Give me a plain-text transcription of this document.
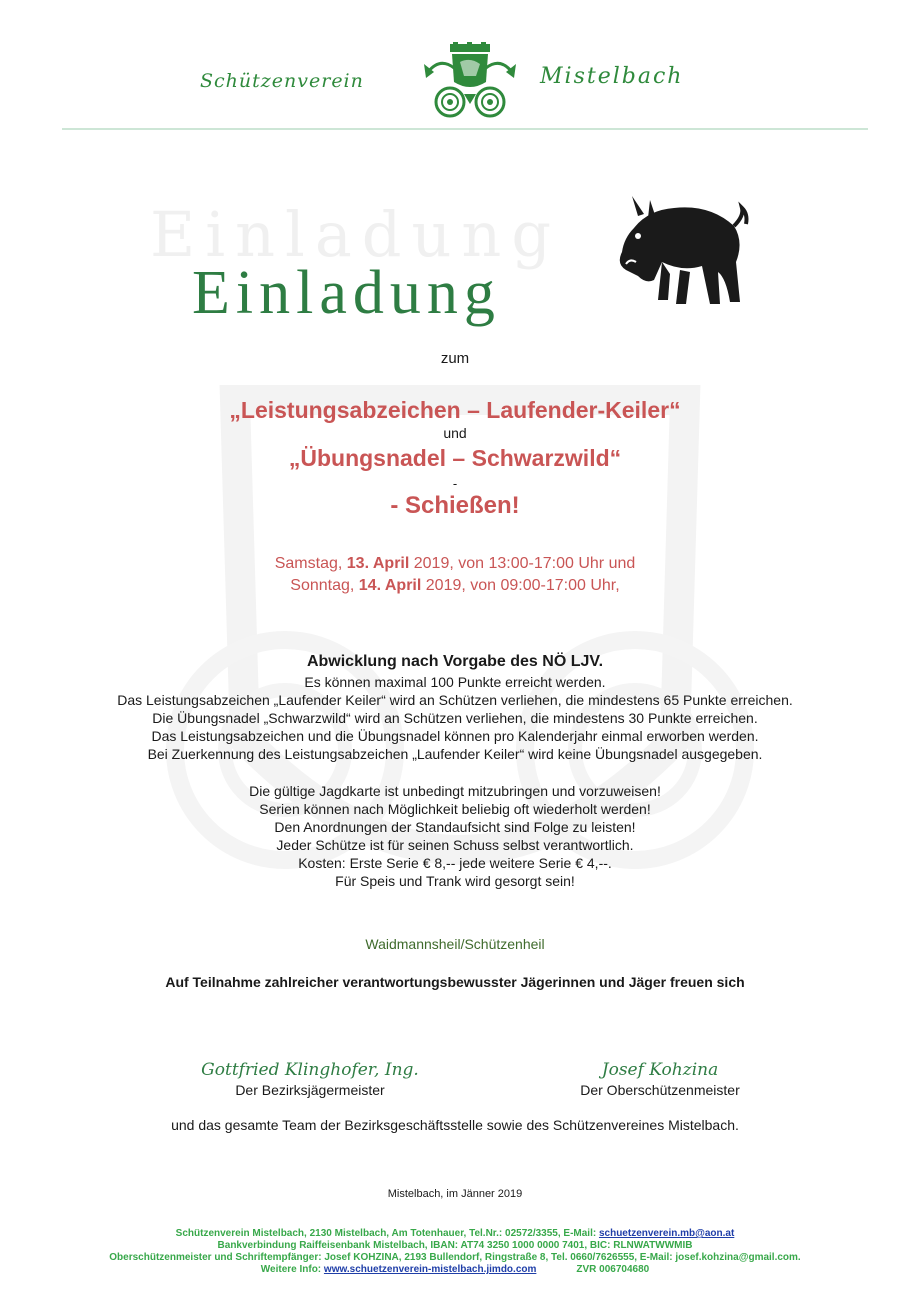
Schützenverein	Mistelbach
Einladung
Einladung
zum
„Leistungsabzeichen – Laufender-Keiler“
und
„Übungsnadel – Schwarzwild“
-
- Schießen!
Samstag, 13. April 2019, von 13:00-17:00 Uhr und
Sonntag, 14. April 2019, von 09:00-17:00 Uhr,
Abwicklung nach Vorgabe des NÖ LJV.
Es können maximal 100 Punkte erreicht werden.
Das Leistungsabzeichen „Laufender Keiler“ wird an Schützen verliehen, die mindestens 65 Punkte erreichen.
Die Übungsnadel „Schwarzwild“ wird an Schützen verliehen, die mindestens 30 Punkte erreichen.
Das Leistungsabzeichen und die Übungsnadel können pro Kalenderjahr einmal erworben werden.
Bei Zuerkennung des Leistungsabzeichen „Laufender Keiler“ wird keine Übungsnadel ausgegeben.
Die gültige Jagdkarte ist unbedingt mitzubringen und vorzuweisen!
Serien können nach Möglichkeit beliebig oft wiederholt werden!
Den Anordnungen der Standaufsicht sind Folge zu leisten!
Jeder Schütze ist für seinen Schuss selbst verantwortlich.
Kosten: Erste Serie € 8,-- jede weitere Serie € 4,--.
Für Speis und Trank wird gesorgt sein!
Waidmannsheil/Schützenheil
Auf Teilnahme zahlreicher verantwortungsbewusster Jägerinnen und Jäger freuen sich
Gottfried Klinghofer, Ing.
Der Bezirksjägermeister
Josef Kohzina
Der Oberschützenmeister
und das gesamte Team der Bezirksgeschäftsstelle sowie des Schützenvereines Mistelbach.
Mistelbach, im Jänner 2019
Schützenverein Mistelbach, 2130 Mistelbach, Am Totenhauer, Tel.Nr.: 02572/3355, E-Mail: schuetzenverein.mb@aon.at
Bankverbindung Raiffeisenbank Mistelbach, IBAN: AT74 3250 1000 0000 7401, BIC: RLNWATWWMIB
Oberschützenmeister und Schriftempfänger: Josef KOHZINA, 2193 Bullendorf, Ringstraße 8, Tel. 0660/7626555, E-Mail: josef.kohzina@gmail.com.
Weitere Info: www.schuetzenverein-mistelbach.jimdo.com	ZVR 006704680
